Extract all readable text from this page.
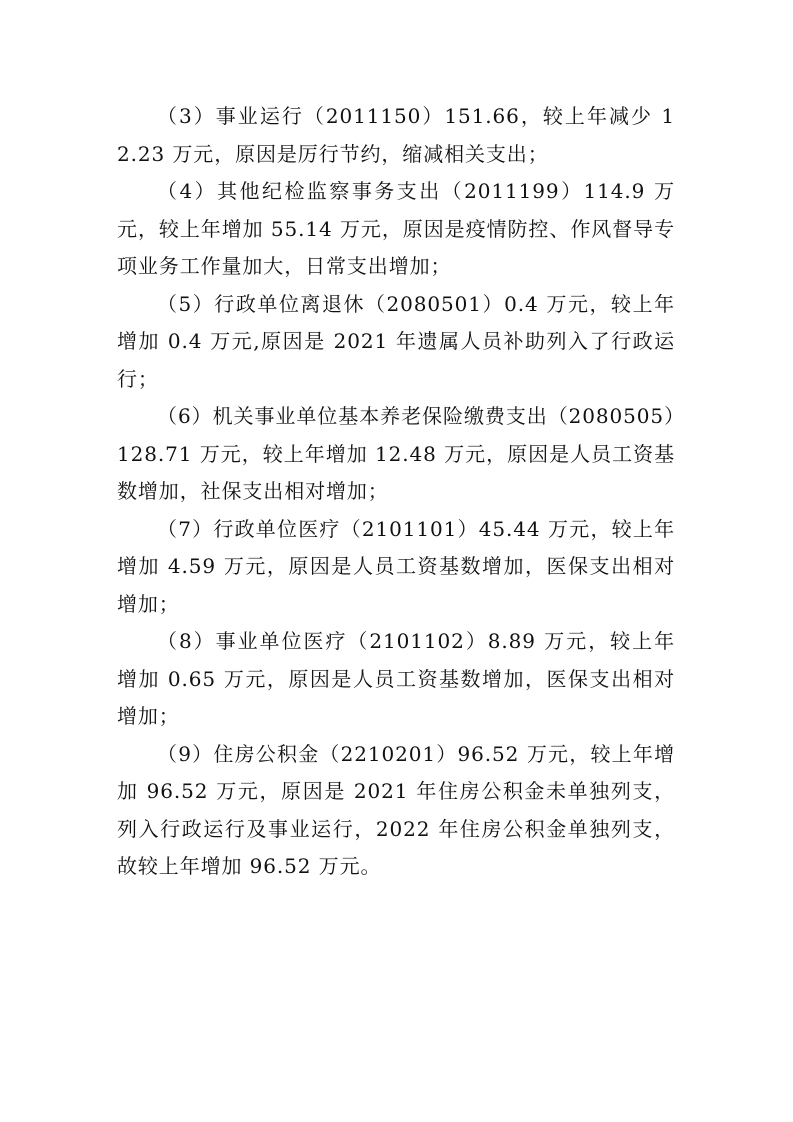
（3）事业运行（2011150）151.66，较上年减少 12.23 万元，原因是厉行节约，缩减相关支出；

（4）其他纪检监察事务支出（2011199）114.9 万元，较上年增加 55.14 万元，原因是疫情防控、作风督导专项业务工作量加大，日常支出增加；

（5）行政单位离退休（2080501）0.4 万元，较上年增加 0.4 万元,原因是 2021 年遗属人员补助列入了行政运行；

（6）机关事业单位基本养老保险缴费支出（2080505）128.71 万元，较上年增加 12.48 万元，原因是人员工资基数增加，社保支出相对增加；

（7）行政单位医疗（2101101）45.44 万元，较上年增加 4.59 万元，原因是人员工资基数增加，医保支出相对增加；

（8）事业单位医疗（2101102）8.89 万元，较上年增加 0.65 万元，原因是人员工资基数增加，医保支出相对增加；

（9）住房公积金（2210201）96.52 万元，较上年增加 96.52 万元，原因是 2021 年住房公积金未单独列支，列入行政运行及事业运行，2022 年住房公积金单独列支，故较上年增加 96.52 万元。
